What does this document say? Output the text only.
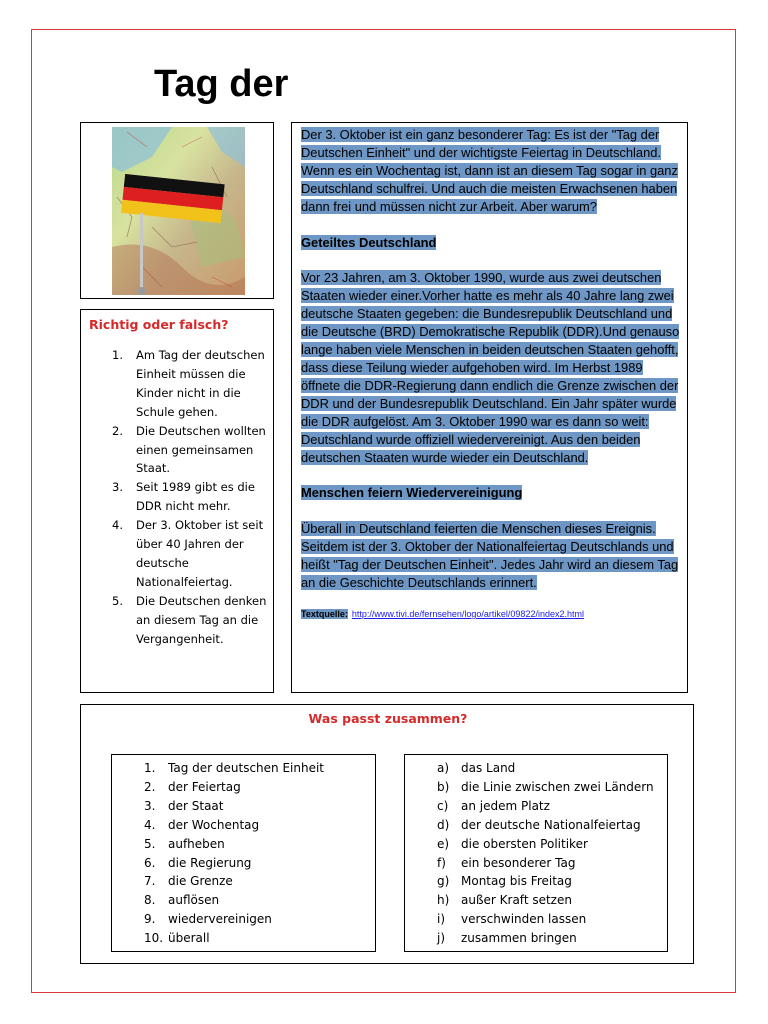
Tag der
Richtig oder falsch?
1. Am Tag der deutschen Einheit müssen die Kinder nicht in die Schule gehen.
2. Die Deutschen wollten einen gemeinsamen Staat.
3. Seit 1989 gibt es die DDR nicht mehr.
4. Der 3. Oktober ist seit über 40 Jahren der deutsche Nationalfeiertag.
5. Die Deutschen denken an diesem Tag an die Vergangenheit.

Der 3. Oktober ist ein ganz besonderer Tag: Es ist der "Tag der Deutschen Einheit" und der wichtigste Feiertag in Deutschland. Wenn es ein Wochentag ist, dann ist an diesem Tag sogar in ganz Deutschland schulfrei. Und auch die meisten Erwachsenen haben dann frei und müssen nicht zur Arbeit. Aber warum?

Geteiltes Deutschland

Vor 23 Jahren, am 3. Oktober 1990, wurde aus zwei deutschen Staaten wieder einer.Vorher hatte es mehr als 40 Jahre lang zwei deutsche Staaten gegeben: die Bundesrepublik Deutschland und die Deutsche (BRD) Demokratische Republik (DDR).Und genauso lange haben viele Menschen in beiden deutschen Staaten gehofft, dass diese Teilung wieder aufgehoben wird. Im Herbst 1989 öffnete die DDR-Regierung dann endlich die Grenze zwischen der DDR und der Bundesrepublik Deutschland. Ein Jahr später wurde die DDR aufgelöst. Am 3. Oktober 1990 war es dann so weit: Deutschland wurde offiziell wiedervereinigt. Aus den beiden deutschen Staaten wurde wieder ein Deutschland.

Menschen feiern Wiedervereinigung

Überall in Deutschland feierten die Menschen dieses Ereignis. Seitdem ist der 3. Oktober der Nationalfeiertag Deutschlands und heißt "Tag der Deutschen Einheit". Jedes Jahr wird an diesem Tag an die Geschichte Deutschlands erinnert.

Textquelle: http://www.tivi.de/fernsehen/logo/artikel/09822/index2.html
Was passt zusammen?
1. Tag der deutschen Einheit
2. der Feiertag
3. der Staat
4. der Wochentag
5. aufheben
6. die Regierung
7. die Grenze
8. auflösen
9. wiedervereinigen
10. überall
a) das Land
b) die Linie zwischen zwei Ländern
c) an jedem Platz
d) der deutsche Nationalfeiertag
e) die obersten Politiker
f) ein besonderer Tag
g) Montag bis Freitag
h) außer Kraft setzen
i) verschwinden lassen
j) zusammen bringen
